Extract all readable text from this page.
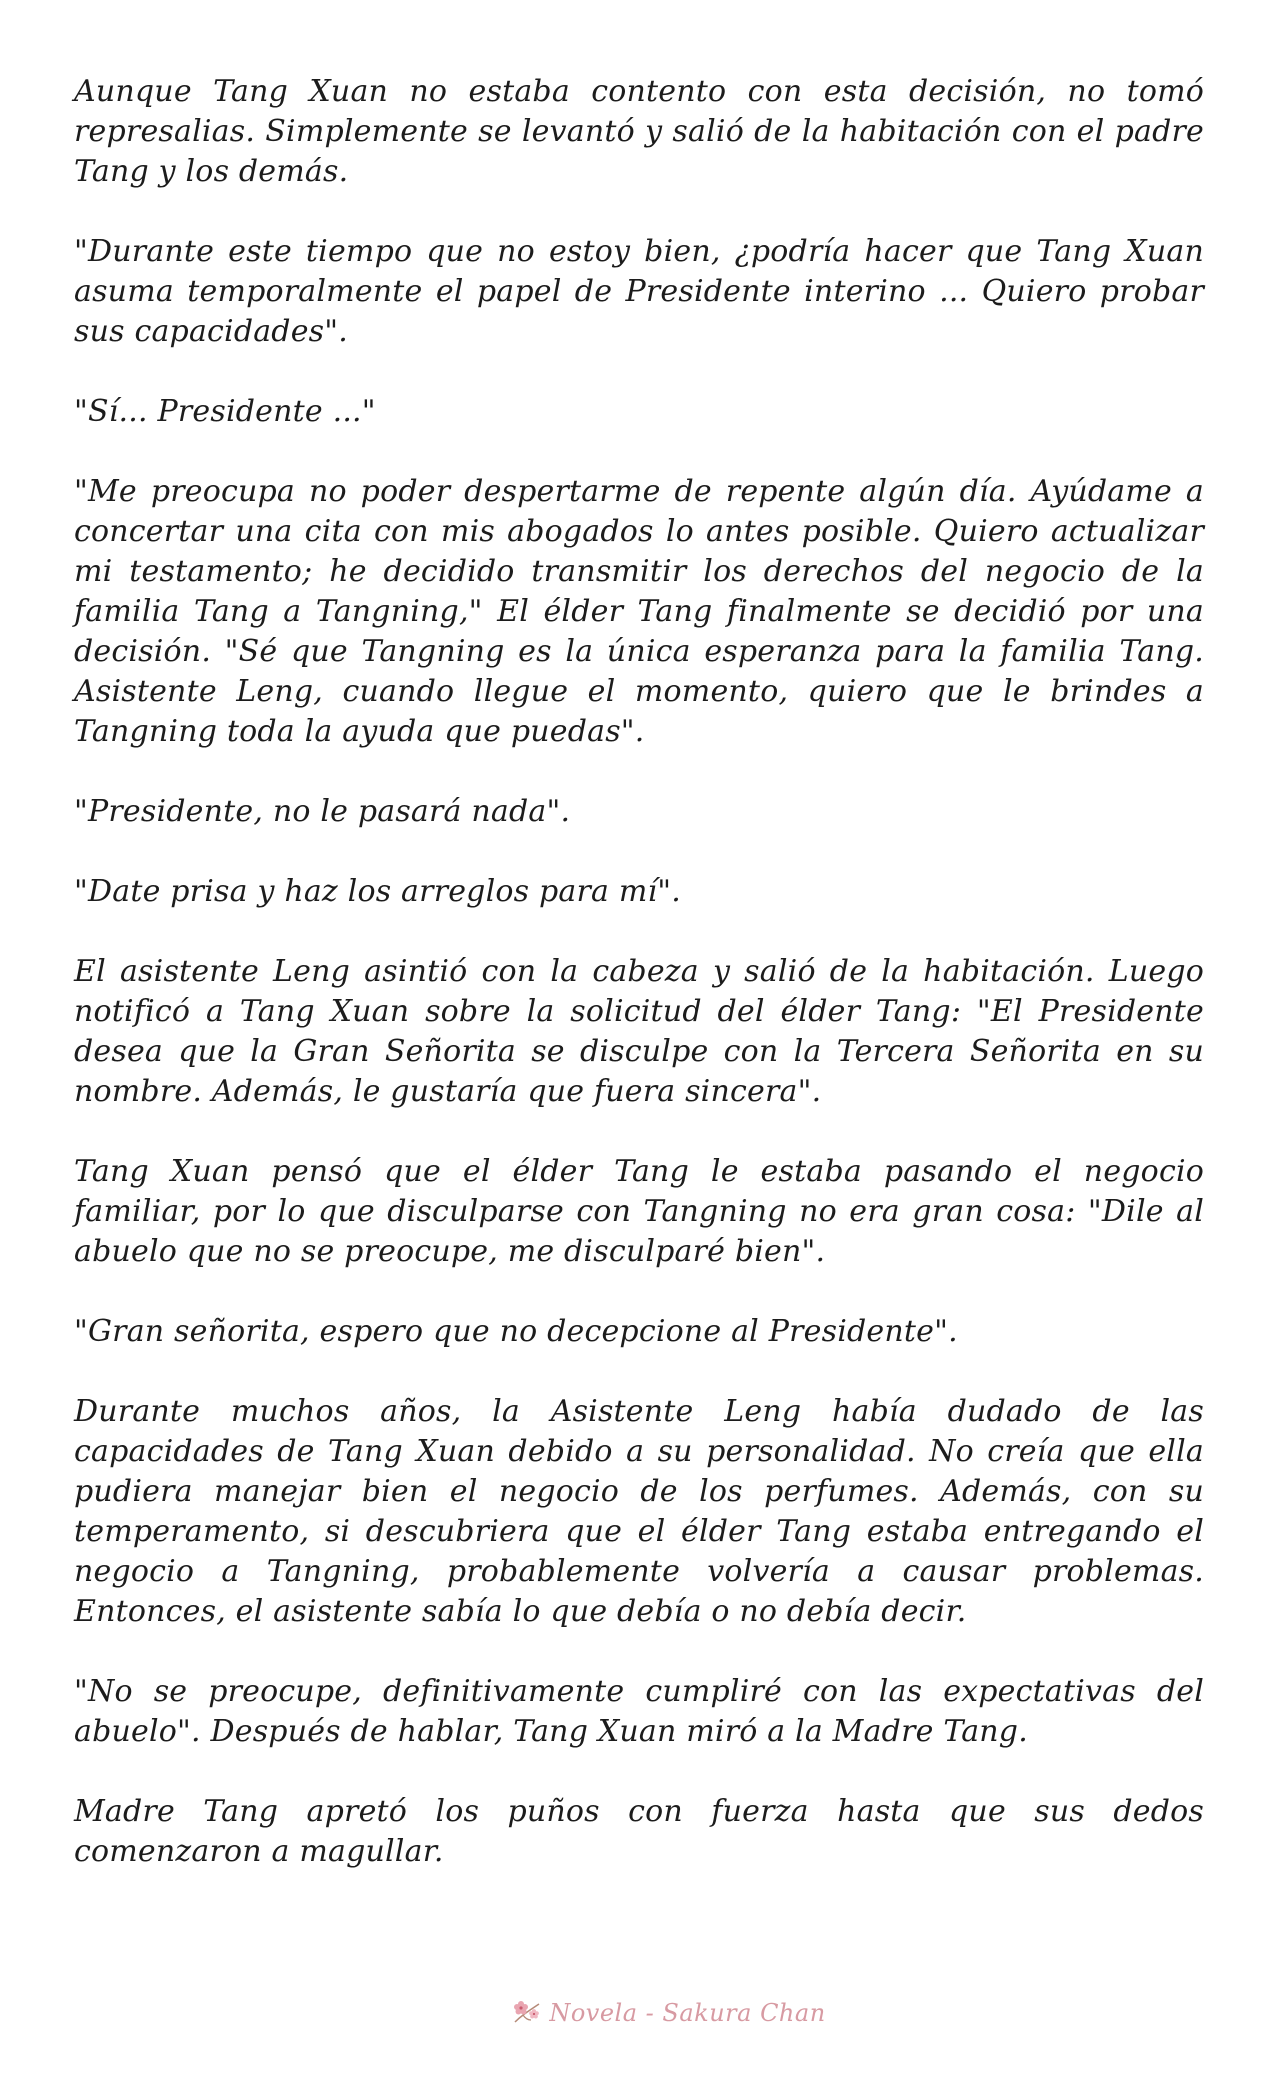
Aunque Tang Xuan no estaba contento con esta decisión, no tomó represalias. Simplemente se levantó y salió de la habitación con el padre Tang y los demás.

"Durante este tiempo que no estoy bien, ¿podría hacer que Tang Xuan asuma temporalmente el papel de Presidente interino ... Quiero probar sus capacidades".

"Sí... Presidente ..."

"Me preocupa no poder despertarme de repente algún día. Ayúdame a concertar una cita con mis abogados lo antes posible. Quiero actualizar mi testamento; he decidido transmitir los derechos del negocio de la familia Tang a Tangning," El élder Tang finalmente se decidió por una decisión. "Sé que Tangning es la única esperanza para la familia Tang. Asistente Leng, cuando llegue el momento, quiero que le brindes a Tangning toda la ayuda que puedas".

"Presidente, no le pasará nada".

"Date prisa y haz los arreglos para mí".

El asistente Leng asintió con la cabeza y salió de la habitación. Luego notificó a Tang Xuan sobre la solicitud del élder Tang: "El Presidente desea que la Gran Señorita se disculpe con la Tercera Señorita en su nombre. Además, le gustaría que fuera sincera".

Tang Xuan pensó que el élder Tang le estaba pasando el negocio familiar, por lo que disculparse con Tangning no era gran cosa: "Dile al abuelo que no se preocupe, me disculparé bien".

"Gran señorita, espero que no decepcione al Presidente".

Durante muchos años, la Asistente Leng había dudado de las capacidades de Tang Xuan debido a su personalidad. No creía que ella pudiera manejar bien el negocio de los perfumes. Además, con su temperamento, si descubriera que el élder Tang estaba entregando el negocio a Tangning, probablemente volvería a causar problemas. Entonces, el asistente sabía lo que debía o no debía decir.

"No se preocupe, definitivamente cumpliré con las expectativas del abuelo". Después de hablar, Tang Xuan miró a la Madre Tang.

Madre Tang apretó los puños con fuerza hasta que sus dedos comenzaron a magullar.

Novela - Sakura Chan
